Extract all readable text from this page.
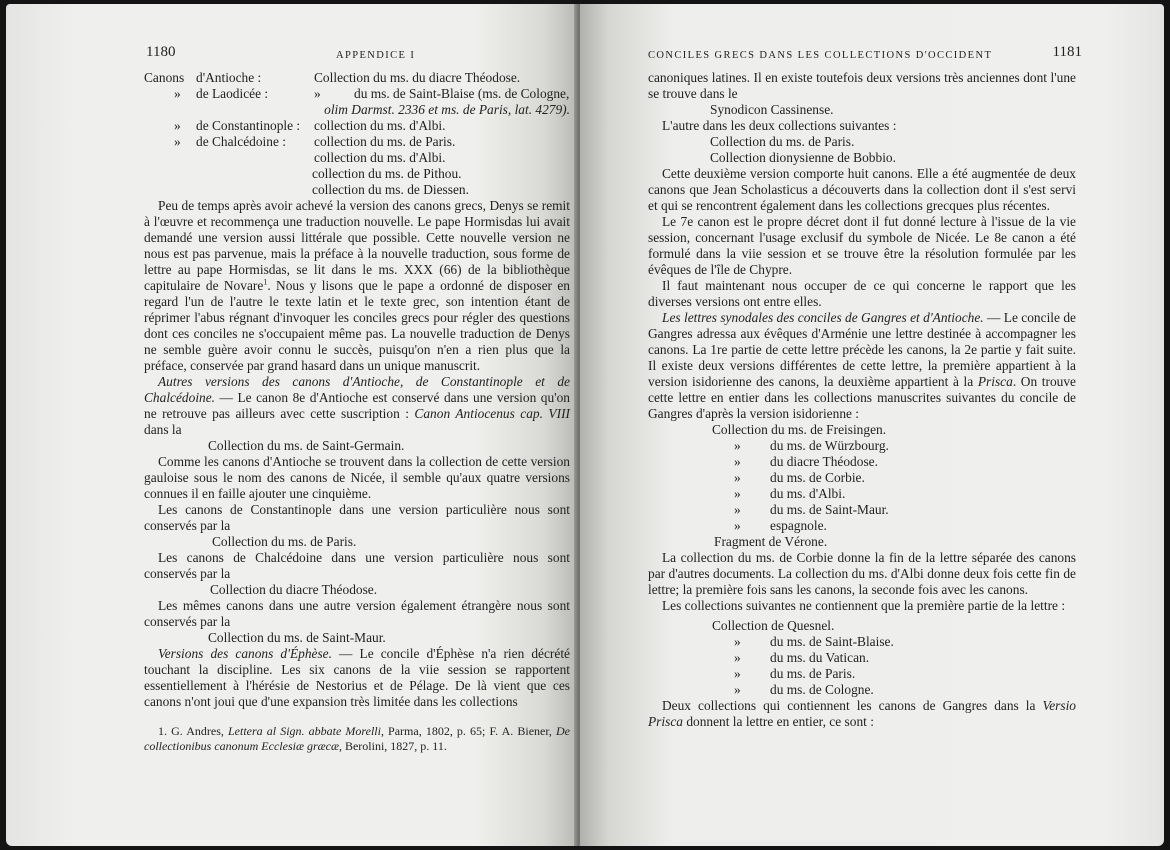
1180	APPENDICE I
Canons d'Antioche :	Collection du ms. du diacre Théodose.
»	de Laodicée :	»	du ms. de Saint-Blaise (ms. de Cologne,
olim Darmst. 2336 et ms. de Paris, lat. 4279).
»	de Constantinople :	collection du ms. d'Albi.
»	de Chalcédoine :	collection du ms. de Paris.
collection du ms. d'Albi.
collection du ms. de Pithou.
collection du ms. de Diessen.

Peu de temps après avoir achevé la version des canons grecs, Denys se remit à l'œuvre et recommença une traduction nouvelle. Le pape Hormisdas lui avait demandé une version aussi littérale que possible. Cette nouvelle version ne nous est pas parvenue, mais la préface à la nouvelle traduction, sous forme de lettre au pape Hormisdas, se lit dans le ms. XXX (66) de la bibliothèque capitulaire de Novare$^1$. Nous y lisons que le pape a ordonné de disposer en regard l'un de l'autre le texte latin et le texte grec, son intention étant de réprimer l'abus régnant d'invoquer les conciles grecs pour régler des questions dont ces conciles ne s'occupaient même pas. La nouvelle traduction de Denys ne semble guère avoir connu le succès, puisqu'on n'en a rien plus que la préface, conservée par grand hasard dans un unique manuscrit.

Autres versions des canons d'Antioche, de Constantinople et de Chalcédoine. — Le canon 8e d'Antioche est conservé dans une version qu'on ne retrouve pas ailleurs avec cette suscription : Canon Antiocenus cap. VIII dans la

Collection du ms. de Saint-Germain.

Comme les canons d'Antioche se trouvent dans la collection de cette version gauloise sous le nom des canons de Nicée, il semble qu'aux quatre versions connues il en faille ajouter une cinquième.

Les canons de Constantinople dans une version particulière nous sont conservés par la

Collection du ms. de Paris.

Les canons de Chalcédoine dans une version particulière nous sont conservés par la

Collection du diacre Théodose.

Les mêmes canons dans une autre version également étrangère nous sont conservés par la

Collection du ms. de Saint-Maur.

Versions des canons d'Éphèse. — Le concile d'Éphèse n'a rien décrété touchant la discipline. Les six canons de la viie session se rapportent essentiellement à l'hérésie de Nestorius et de Pélage. De là vient que ces canons n'ont joui que d'une expansion très limitée dans les collections

1. G. Andres, Lettera al Sign. abbate Morelli, Parma, 1802, p. 65; F. A. Biener, De collectionibus canonum Ecclesiæ græcæ, Berolini, 1827, p. 11.

CONCILES GRECS DANS LES COLLECTIONS D'OCCIDENT	1181

canoniques latines. Il en existe toutefois deux versions très anciennes dont l'une se trouve dans le

Synodicon Cassinense.

L'autre dans les deux collections suivantes :

Collection du ms. de Paris.

Collection dionysienne de Bobbio.

Cette deuxième version comporte huit canons. Elle a été augmentée de deux canons que Jean Scholasticus a découverts dans la collection dont il s'est servi et qui se rencontrent également dans les collections grecques plus récentes.

Le 7e canon est le propre décret dont il fut donné lecture à l'issue de la vie session, concernant l'usage exclusif du symbole de Nicée. Le 8e canon a été formulé dans la viie session et se trouve être la résolution formulée par les évêques de l'île de Chypre.

Il faut maintenant nous occuper de ce qui concerne le rapport que les diverses versions ont entre elles.

Les lettres synodales des conciles de Gangres et d'Antioche. — Le concile de Gangres adressa aux évêques d'Arménie une lettre destinée à accompagner les canons. La 1re partie de cette lettre précède les canons, la 2e partie y fait suite. Il existe deux versions différentes de cette lettre, la première appartient à la version isidorienne des canons, la deuxième appartient à la Prisca. On trouve cette lettre en entier dans les collections manuscrites suivantes du concile de Gangres d'après la version isidorienne :

Collection du ms. de Freisingen.

» du ms. de Würzbourg.

» du diacre Théodose.

» du ms. de Corbie.

» du ms. d'Albi.

» du ms. de Saint-Maur.

» espagnole.

Fragment de Vérone.

La collection du ms. de Corbie donne la fin de la lettre séparée des canons par d'autres documents. La collection du ms. d'Albi donne deux fois cette fin de lettre; la première fois sans les canons, la seconde fois avec les canons.

Les collections suivantes ne contiennent que la première partie de la lettre :

Collection de Quesnel.

» du ms. de Saint-Blaise.

» du ms. du Vatican.

» du ms. de Paris.

» du ms. de Cologne.

Deux collections qui contiennent les canons de Gangres dans la Versio Prisca donnent la lettre en entier, ce sont :
